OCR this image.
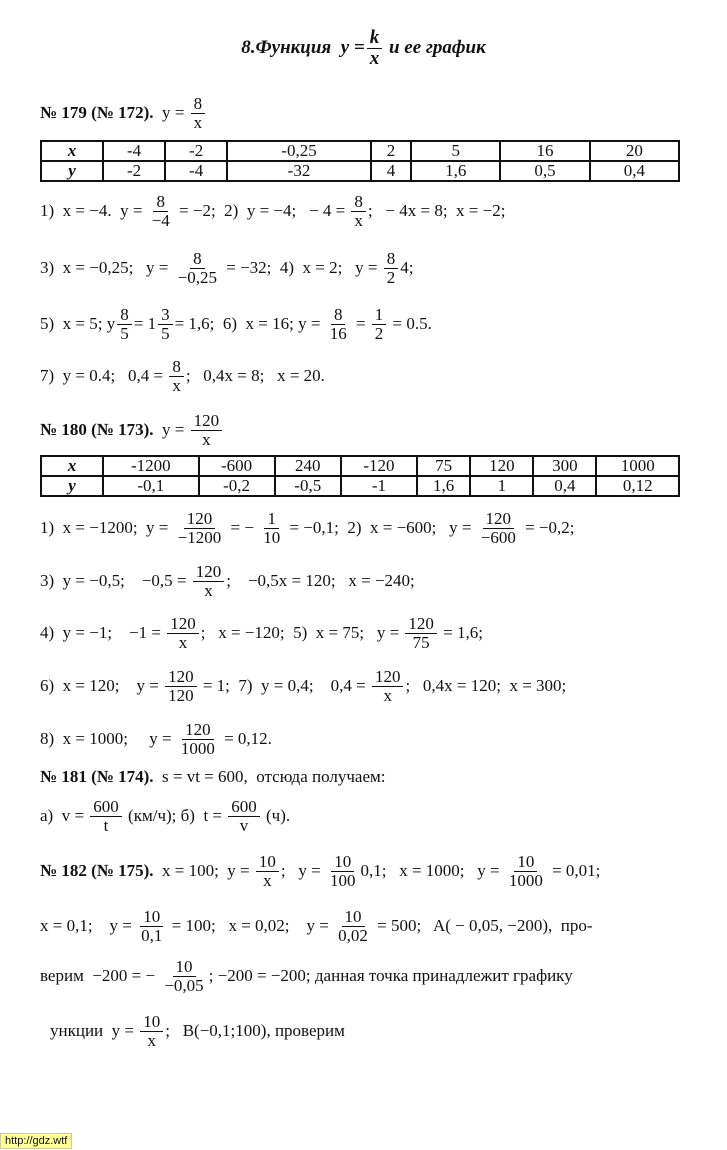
8.Функция  $y = \frac{k}{x}$ и ее график
№ 179 (№ 172). $y = \frac{8}{x}$
1)  x = −4.  $y = \frac{8}{-4} = -2$;  2)  y = −4;   − $4 = \frac{8}{x}$ ;   − 4x = 8;  x = −2;
3)  x = −0,25;   $y = \frac{8}{-0,25} = -32$;  4)  x = 2;   $y = \frac{8}{2} 4$;
5)  x = 5; y $\frac{8}{5} = 1 \frac{3}{5} = 1,6$;  6)  x = 16; $y = \frac{8}{16} = \frac{1}{2} = 0.5$.
7)  y = 0.4;   $0,4 = \frac{8}{x}$ ;   0,4x = 8;   x = 20.
№ 180 (№ 173). $y = \frac{120}{x}$
1)  x = −1200;  $y = \frac{120}{-1200}$ = − $\frac{1}{10} = -0,1$;  2)  x = −600;   $y = \frac{120}{-600} = -0,2$;
3)  y = −0,5;    $-0,5 = \frac{120}{x}$ ;    −0,5x = 120;   x = −240;
4)  y = −1;    $-1 = \frac{120}{x}$ ;   x = −120;  5)  x = 75;   $y = \frac{120}{75} = 1,6$;
6)  x = 120;    $y = \frac{120}{120} = 1$;  7)  y = 0,4;    $0,4 = \frac{120}{x}$ ;   0,4x = 120;  x = 300;
8)  x = 1000;     $y = \frac{120}{1000} = 0,12$.
№ 181 (№ 174). s = vt = 600,  отсюда получаем:
а)  $v = \frac{600}{t} (км/ч)$; б)  $t = \frac{600}{v} (ч)$.
№ 182 (№ 175). x = 100;  $y = \frac{10}{x}$ ;   $y = \frac{10}{100} 0,1$;   x = 1000;   $y = \frac{10}{1000} = 0,01$;
x = 0,1;    $y = \frac{10}{0,1} = 100$;   x = 0,02;    $y = \frac{10}{0,02} = 500$;   A( − 0,05, −200),  про-
верим  −200 = − $\frac{10}{-0,05}$ ; −200 = −200; данная точка принадлежит графику
ункции  $y = \frac{10}{x}$ ;   B(−0,1;100), проверим
x	-4	-2	-0,25	2	5	16	20
y	-2	-4	-32	4	1,6	0,5	0,4
x	-1200	-600	240	-120	75	120	300	1000
y	-0,1	-0,2	-0,5	-1	1,6	1	0,4	0,12
http://gdz.wtf
